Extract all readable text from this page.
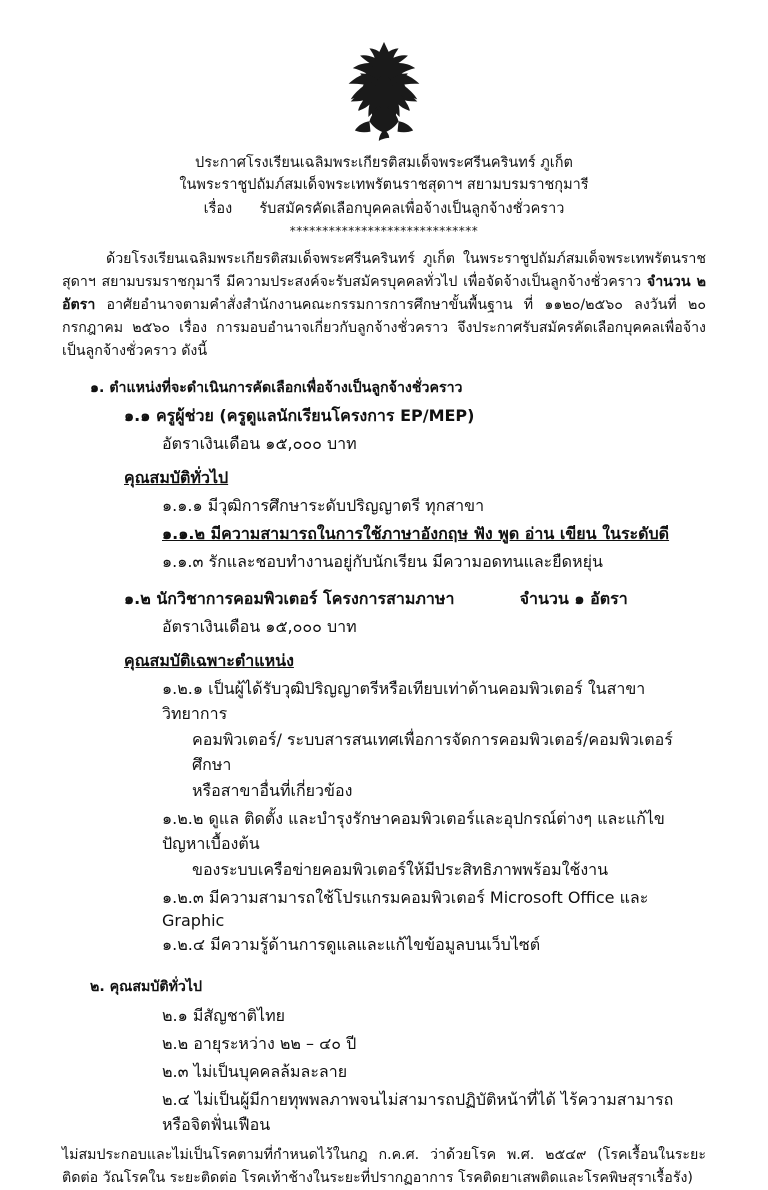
ประกาศโรงเรียนเฉลิมพระเกียรติสมเด็จพระศรีนครินทร์ ภูเก็ต
ในพระราชูปถัมภ์สมเด็จพระเทพรัตนราชสุดาฯ สยามบรมราชกุมารี
เรื่อง รับสมัครคัดเลือกบุคคลเพื่อจ้างเป็นลูกจ้างชั่วคราว
*****************************
ด้วยโรงเรียนเฉลิมพระเกียรติสมเด็จพระศรีนครินทร์ ภูเก็ต ในพระราชูปถัมภ์สมเด็จพระเทพรัตนราชสุดาฯ สยามบรมราชกุมารี มีความประสงค์จะรับสมัครบุคคลทั่วไป เพื่อจัดจ้างเป็นลูกจ้างชั่วคราว จำนวน ๒ อัตรา อาศัยอำนาจตามคำสั่งสำนักงานคณะกรรมการการศึกษาขั้นพื้นฐาน ที่ ๑๑๒๐/๒๕๖๐ ลงวันที่ ๒๐ กรกฎาคม ๒๕๖๐ เรื่อง การมอบอำนาจเกี่ยวกับลูกจ้างชั่วคราว จึงประกาศรับสมัครคัดเลือกบุคคลเพื่อจ้างเป็นลูกจ้างชั่วคราว ดังนี้
๑. ตำแหน่งที่จะดำเนินการคัดเลือกเพื่อจ้างเป็นลูกจ้างชั่วคราว
๑.๑ ครูผู้ช่วย (ครูดูแลนักเรียนโครงการ EP/MEP)
อัตราเงินเดือน ๑๕,๐๐๐ บาท
คุณสมบัติทั่วไป
๑.๑.๑ มีวุฒิการศึกษาระดับปริญญาตรี ทุกสาขา
๑.๑.๒ มีความสามารถในการใช้ภาษาอังกฤษ ฟัง พูด อ่าน เขียน ในระดับดี
๑.๑.๓ รักและชอบทำงานอยู่กับนักเรียน มีความอดทนและยืดหยุ่น
๑.๒ นักวิชาการคอมพิวเตอร์ โครงการสามภาษา	จำนวน ๑ อัตรา
อัตราเงินเดือน ๑๕,๐๐๐ บาท
คุณสมบัติเฉพาะตำแหน่ง
๑.๒.๑ เป็นผู้ได้รับวุฒิปริญญาตรีหรือเทียบเท่าด้านคอมพิวเตอร์ ในสาขาวิทยาการ
คอมพิวเตอร์/ ระบบสารสนเทศเพื่อการจัดการคอมพิวเตอร์/คอมพิวเตอร์ศึกษา
หรือสาขาอื่นที่เกี่ยวข้อง
๑.๒.๒ ดูแล ติดตั้ง และบำรุงรักษาคอมพิวเตอร์และอุปกรณ์ต่างๆ และแก้ไขปัญหาเบื้องต้น
ของระบบเครือข่ายคอมพิวเตอร์ให้มีประสิทธิภาพพร้อมใช้งาน
๑.๒.๓ มีความสามารถใช้โปรแกรมคอมพิวเตอร์ Microsoft Office และ Graphic
๑.๒.๔ มีความรู้ด้านการดูแลและแก้ไขข้อมูลบนเว็บไซต์
๒. คุณสมบัติทั่วไป
๒.๑ มีสัญชาติไทย
๒.๒ อายุระหว่าง ๒๒ – ๔๐ ปี
๒.๓ ไม่เป็นบุคคลล้มละลาย
๒.๔ ไม่เป็นผู้มีกายทุพพลภาพจนไม่สามารถปฏิบัติหน้าที่ได้ ไร้ความสามารถ หรือจิตฟั่นเฟือน
ไม่สมประกอบและไม่เป็นโรคตามที่กำหนดไว้ในกฎ ก.ค.ศ. ว่าด้วยโรค พ.ศ. ๒๕๔๙ (โรคเรื้อนในระยะติดต่อ วัณโรคใน ระยะติดต่อ โรคเท้าช้างในระยะที่ปรากฏอาการ โรคติดยาเสพติดและโรคพิษสุราเรื้อรัง)
